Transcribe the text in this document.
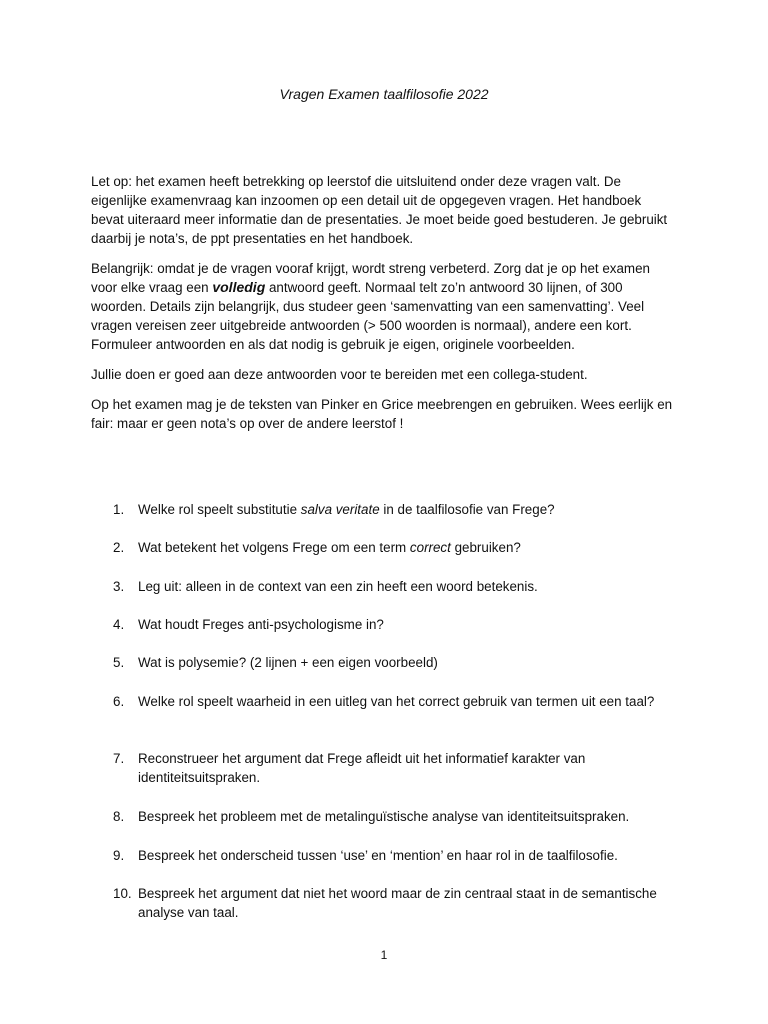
Vragen Examen taalfilosofie 2022

Let op: het examen heeft betrekking op leerstof die uitsluitend onder deze vragen valt. De eigenlijke examenvraag kan inzoomen op een detail uit de opgegeven vragen. Het handboek bevat uiteraard meer informatie dan de presentaties. Je moet beide goed bestuderen. Je gebruikt daarbij je nota’s, de ppt presentaties en het handboek.

Belangrijk: omdat je de vragen vooraf krijgt, wordt streng verbeterd. Zorg dat je op het examen voor elke vraag een volledig antwoord geeft. Normaal telt zo’n antwoord 30 lijnen, of 300 woorden. Details zijn belangrijk, dus studeer geen ‘samenvatting van een samenvatting’. Veel vragen vereisen zeer uitgebreide antwoorden (> 500 woorden is normaal), andere een kort. Formuleer antwoorden en als dat nodig is gebruik je eigen, originele voorbeelden.

Jullie doen er goed aan deze antwoorden voor te bereiden met een collega-student.

Op het examen mag je de teksten van Pinker en Grice meebrengen en gebruiken. Wees eerlijk en fair: maar er geen nota’s op over de andere leerstof !

1.	Welke rol speelt substitutie salva veritate in de taalfilosofie van Frege?
2.	Wat betekent het volgens Frege om een term correct gebruiken?
3.	Leg uit: alleen in de context van een zin heeft een woord betekenis.
4.	Wat houdt Freges anti-psychologisme in?
5.	Wat is polysemie? (2 lijnen + een eigen voorbeeld)
6.	Welke rol speelt waarheid in een uitleg van het correct gebruik van termen uit een taal?
7.	Reconstrueer het argument dat Frege afleidt uit het informatief karakter van identiteitsuitspraken.
8.	Bespreek het probleem met de metalinguïstische analyse van identiteitsuitspraken.
9.	Bespreek het onderscheid tussen ‘use’ en ‘mention’ en haar rol in de taalfilosofie.
10. Bespreek het argument dat niet het woord maar de zin centraal staat in de semantische analyse van taal.
1
